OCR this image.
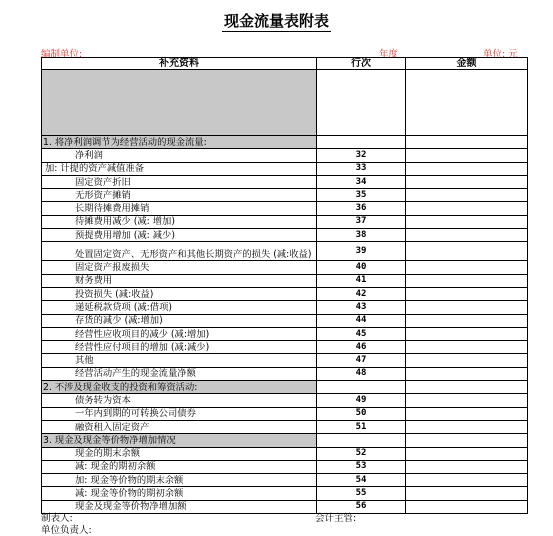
现金流量表附表
编制单位:	年度	单位: 元
补充资料	行次	金额

1. 将净利润调节为经营活动的现金流量:		
净利润	32	
加: 计提的资产减值准备	33	
固定资产折旧	34	
无形资产摊销	35	
长期待摊费用摊销	36	
待摊费用减少 (减: 增加)	37	
预提费用增加 (减: 减少)	38	
处置固定资产、无形资产和其他长期资产的损失 (减:收益)	39	
固定资产报废损失	40	
财务费用	41	
投资损失 (减:收益)	42	
递延税款贷项 (减:借项)	43	
存货的减少 (减:增加)	44	
经营性应收项目的减少 (减:增加)	45	
经营性应付项目的增加 (减:减少)	46	
其他	47	
经营活动产生的现金流量净额	48	
2. 不涉及现金收支的投资和筹资活动:		
债务转为资本	49	
一年内到期的可转换公司债券	50	
融资租入固定资产	51	
3. 现金及现金等价物净增加情况		
现金的期末余额	52	
减: 现金的期初余额	53	
加: 现金等价物的期末余额	54	
减: 现金等价物的期初余额	55	
现金及现金等价物净增加额	56	
制表人:	会计主管:
单位负责人:
